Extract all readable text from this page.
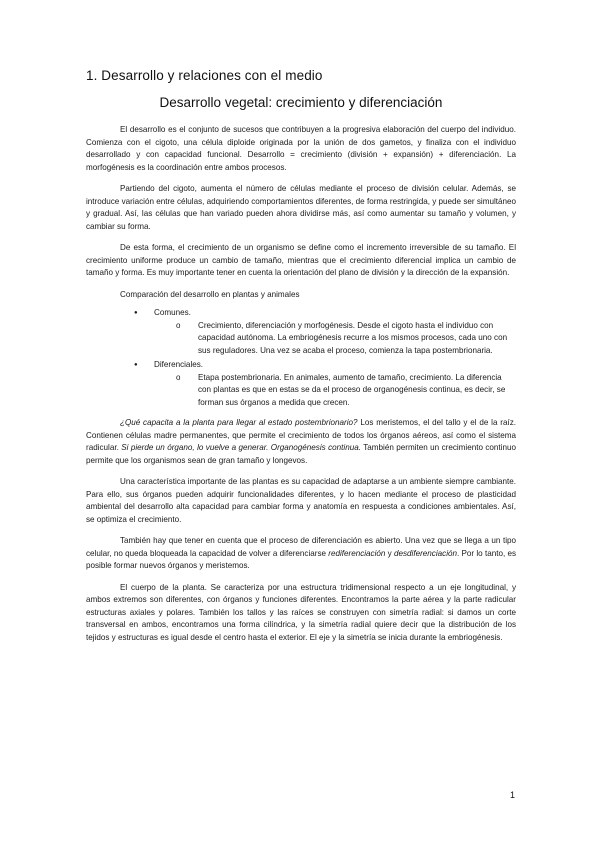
1. Desarrollo y relaciones con el medio
Desarrollo vegetal: crecimiento y diferenciación

El desarrollo es el conjunto de sucesos que contribuyen a la progresiva elaboración del cuerpo del individuo. Comienza con el cigoto, una célula diploide originada por la unión de dos gametos, y finaliza con el individuo desarrollado y con capacidad funcional. Desarrollo = crecimiento (división + expansión) + diferenciación. La morfogénesis es la coordinación entre ambos procesos.

Partiendo del cigoto, aumenta el número de células mediante el proceso de división celular. Además, se introduce variación entre células, adquiriendo comportamientos diferentes, de forma restringida, y puede ser simultáneo y gradual. Así, las células que han variado pueden ahora dividirse más, así como aumentar su tamaño y volumen, y cambiar su forma.

De esta forma, el crecimiento de un organismo se define como el incremento irreversible de su tamaño. El crecimiento uniforme produce un cambio de tamaño, mientras que el crecimiento diferencial implica un cambio de tamaño y forma. Es muy importante tener en cuenta la orientación del plano de división y la dirección de la expansión.

Comparación del desarrollo en plantas y animales

● Comunes.
o Crecimiento, diferenciación y morfogénesis. Desde el cigoto hasta el individuo con capacidad autónoma. La embriogénesis recurre a los mismos procesos, cada uno con sus reguladores. Una vez se acaba el proceso, comienza la tapa postembrionaria.
● Diferenciales.
o Etapa postembrionaria. En animales, aumento de tamaño, crecimiento. La diferencia con plantas es que en estas se da el proceso de organogénesis continua, es decir, se forman sus órganos a medida que crecen.

¿Qué capacita a la planta para llegar al estado postembrionario? Los meristemos, el del tallo y el de la raíz. Contienen células madre permanentes, que permite el crecimiento de todos los órganos aéreos, así como el sistema radicular. Si pierde un órgano, lo vuelve a generar. Organogénesis continua. También permiten un crecimiento continuo permite que los organismos sean de gran tamaño y longevos.

Una característica importante de las plantas es su capacidad de adaptarse a un ambiente siempre cambiante. Para ello, sus órganos pueden adquirir funcionalidades diferentes, y lo hacen mediante el proceso de plasticidad ambiental del desarrollo alta capacidad para cambiar forma y anatomía en respuesta a condiciones ambientales. Así, se optimiza el crecimiento.

También hay que tener en cuenta que el proceso de diferenciación es abierto. Una vez que se llega a un tipo celular, no queda bloqueada la capacidad de volver a diferenciarse rediferenciación y desdiferenciación. Por lo tanto, es posible formar nuevos órganos y meristemos.

El cuerpo de la planta. Se caracteriza por una estructura tridimensional respecto a un eje longitudinal, y ambos extremos son diferentes, con órganos y funciones diferentes. Encontramos la parte aérea y la parte radicular estructuras axiales y polares. También los tallos y las raíces se construyen con simetría radial: si damos un corte transversal en ambos, encontramos una forma cilíndrica, y la simetría radial quiere decir que la distribución de los tejidos y estructuras es igual desde el centro hasta el exterior. El eje y la simetría se inicia durante la embriogénesis.

1
